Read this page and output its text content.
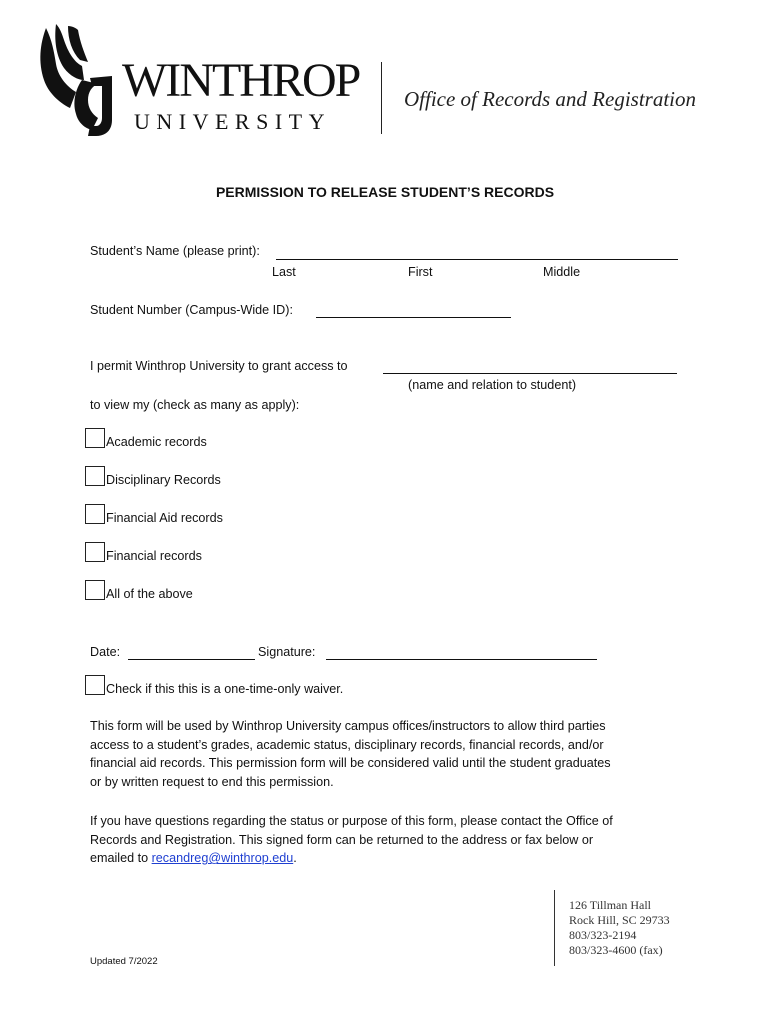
WINTHROP
UNIVERSITY
Office of Records and Registration
PERMISSION TO RELEASE STUDENT’S RECORDS
Student’s Name (please print):
Last	First	Middle
Student Number (Campus-Wide ID):
I permit Winthrop University to grant access to
(name and relation to student)
to view my (check as many as apply):
Academic records
Disciplinary Records
Financial Aid records
Financial records
All of the above
Date:	Signature:
Check if this this is a one-time-only waiver.
This form will be used by Winthrop University campus offices/instructors to allow third parties
access to a student’s grades, academic status, disciplinary records, financial records, and/or
financial aid records. This permission form will be considered valid until the student graduates
or by written request to end this permission.
If you have questions regarding the status or purpose of this form, please contact the Office of
Records and Registration. This signed form can be returned to the address or fax below or
emailed to recandreg@winthrop.edu.
126 Tillman Hall
Rock Hill, SC 29733
803/323-2194
803/323-4600 (fax)
Updated 7/2022
